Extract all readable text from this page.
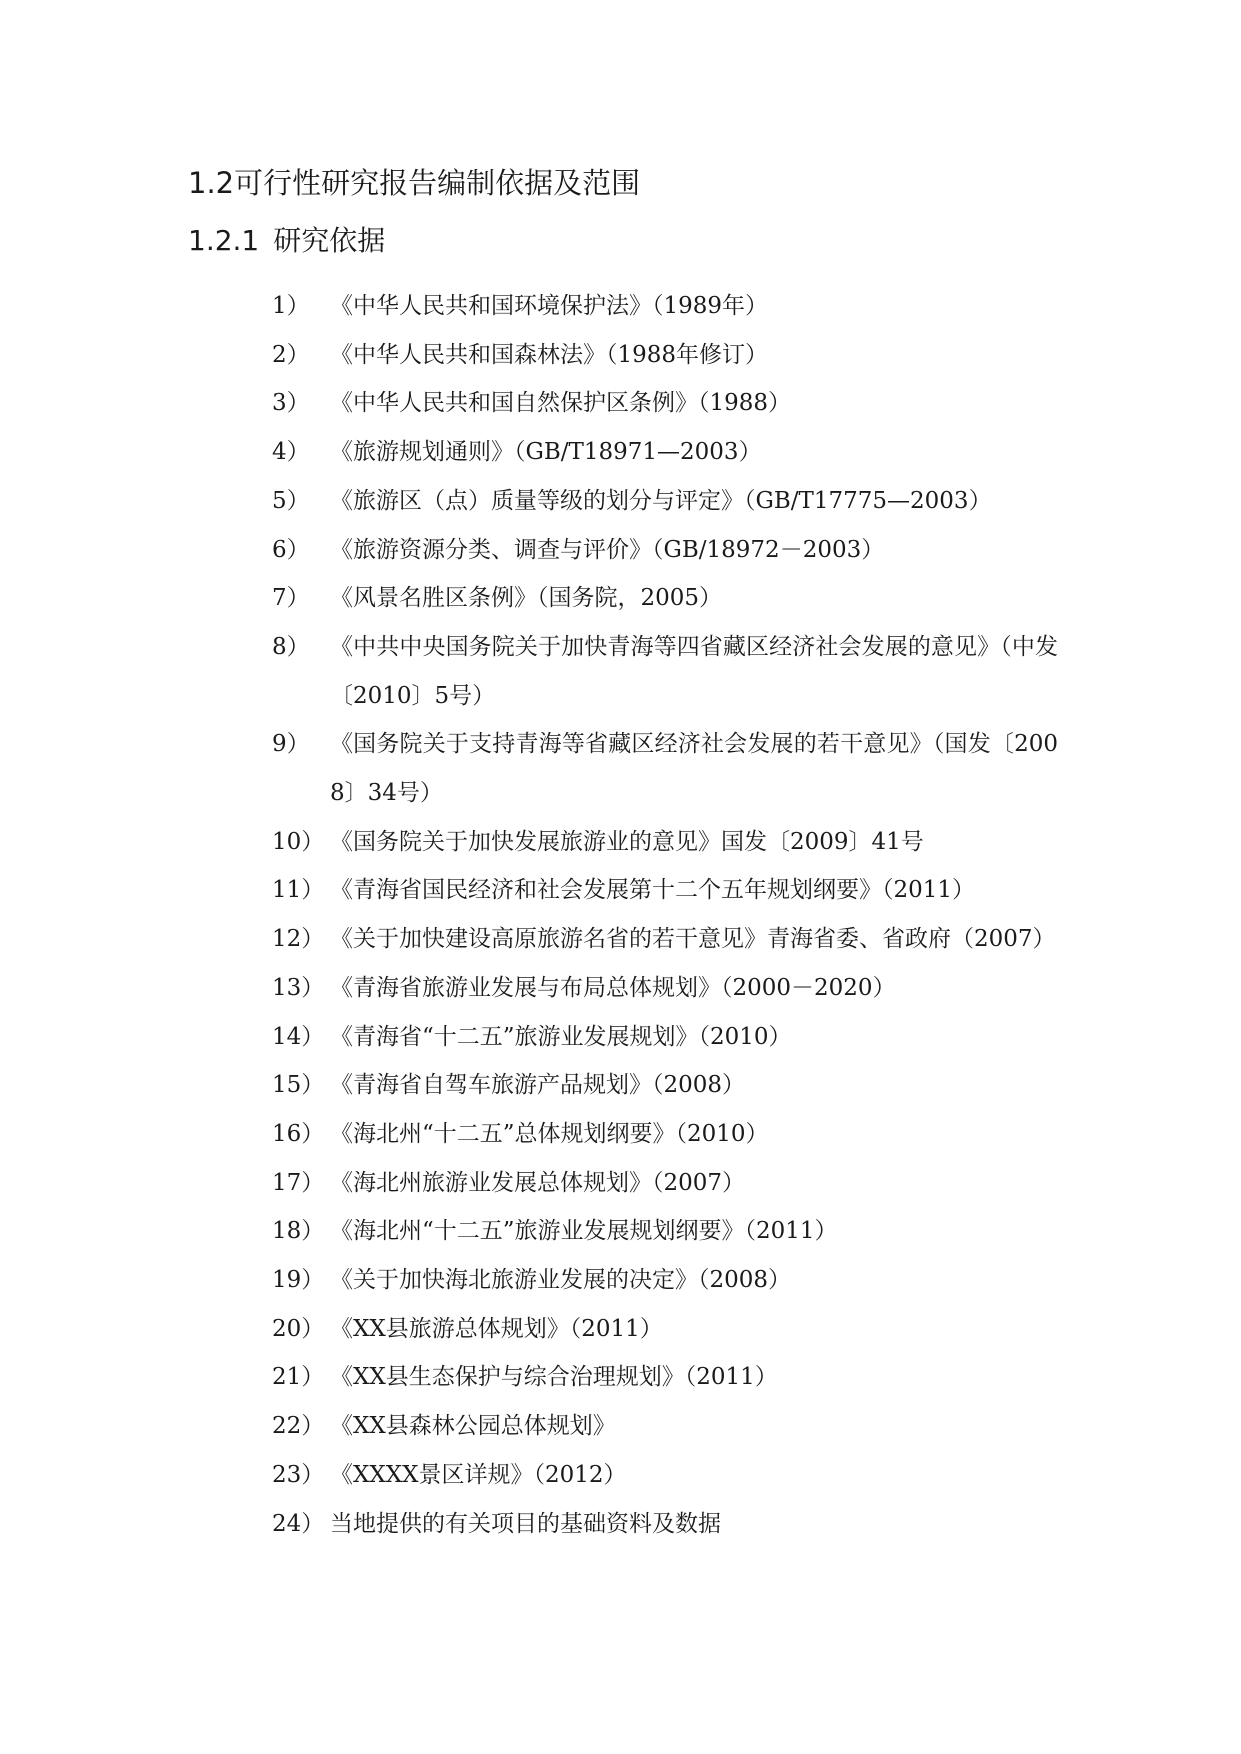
1.2可行性研究报告编制依据及范围
1.2.1 研究依据
1） 《中华人民共和国环境保护法》（1989年）
2） 《中华人民共和国森林法》（1988年修订）
3） 《中华人民共和国自然保护区条例》（1988）
4） 《旅游规划通则》（GB/T18971—2003）
5） 《旅游区（点）质量等级的划分与评定》（GB/T17775—2003）
6） 《旅游资源分类、调查与评价》（GB/18972－2003）
7） 《风景名胜区条例》（国务院，2005）
8） 《中共中央国务院关于加快青海等四省藏区经济社会发展的意见》（中发〔2010〕5号）
9） 《国务院关于支持青海等省藏区经济社会发展的若干意见》（国发〔2008〕34号）
10） 《国务院关于加快发展旅游业的意见》国发〔2009〕41号
11） 《青海省国民经济和社会发展第十二个五年规划纲要》（2011）
12） 《关于加快建设高原旅游名省的若干意见》青海省委、省政府（2007）
13） 《青海省旅游业发展与布局总体规划》（2000－2020）
14） 《青海省“十二五”旅游业发展规划》（2010）
15） 《青海省自驾车旅游产品规划》（2008）
16） 《海北州“十二五”总体规划纲要》（2010）
17） 《海北州旅游业发展总体规划》（2007）
18） 《海北州“十二五”旅游业发展规划纲要》（2011）
19） 《关于加快海北旅游业发展的决定》（2008）
20） 《XX县旅游总体规划》（2011）
21） 《XX县生态保护与综合治理规划》（2011）
22） 《XX县森林公园总体规划》
23） 《XXXX景区详规》（2012）
24） 当地提供的有关项目的基础资料及数据
